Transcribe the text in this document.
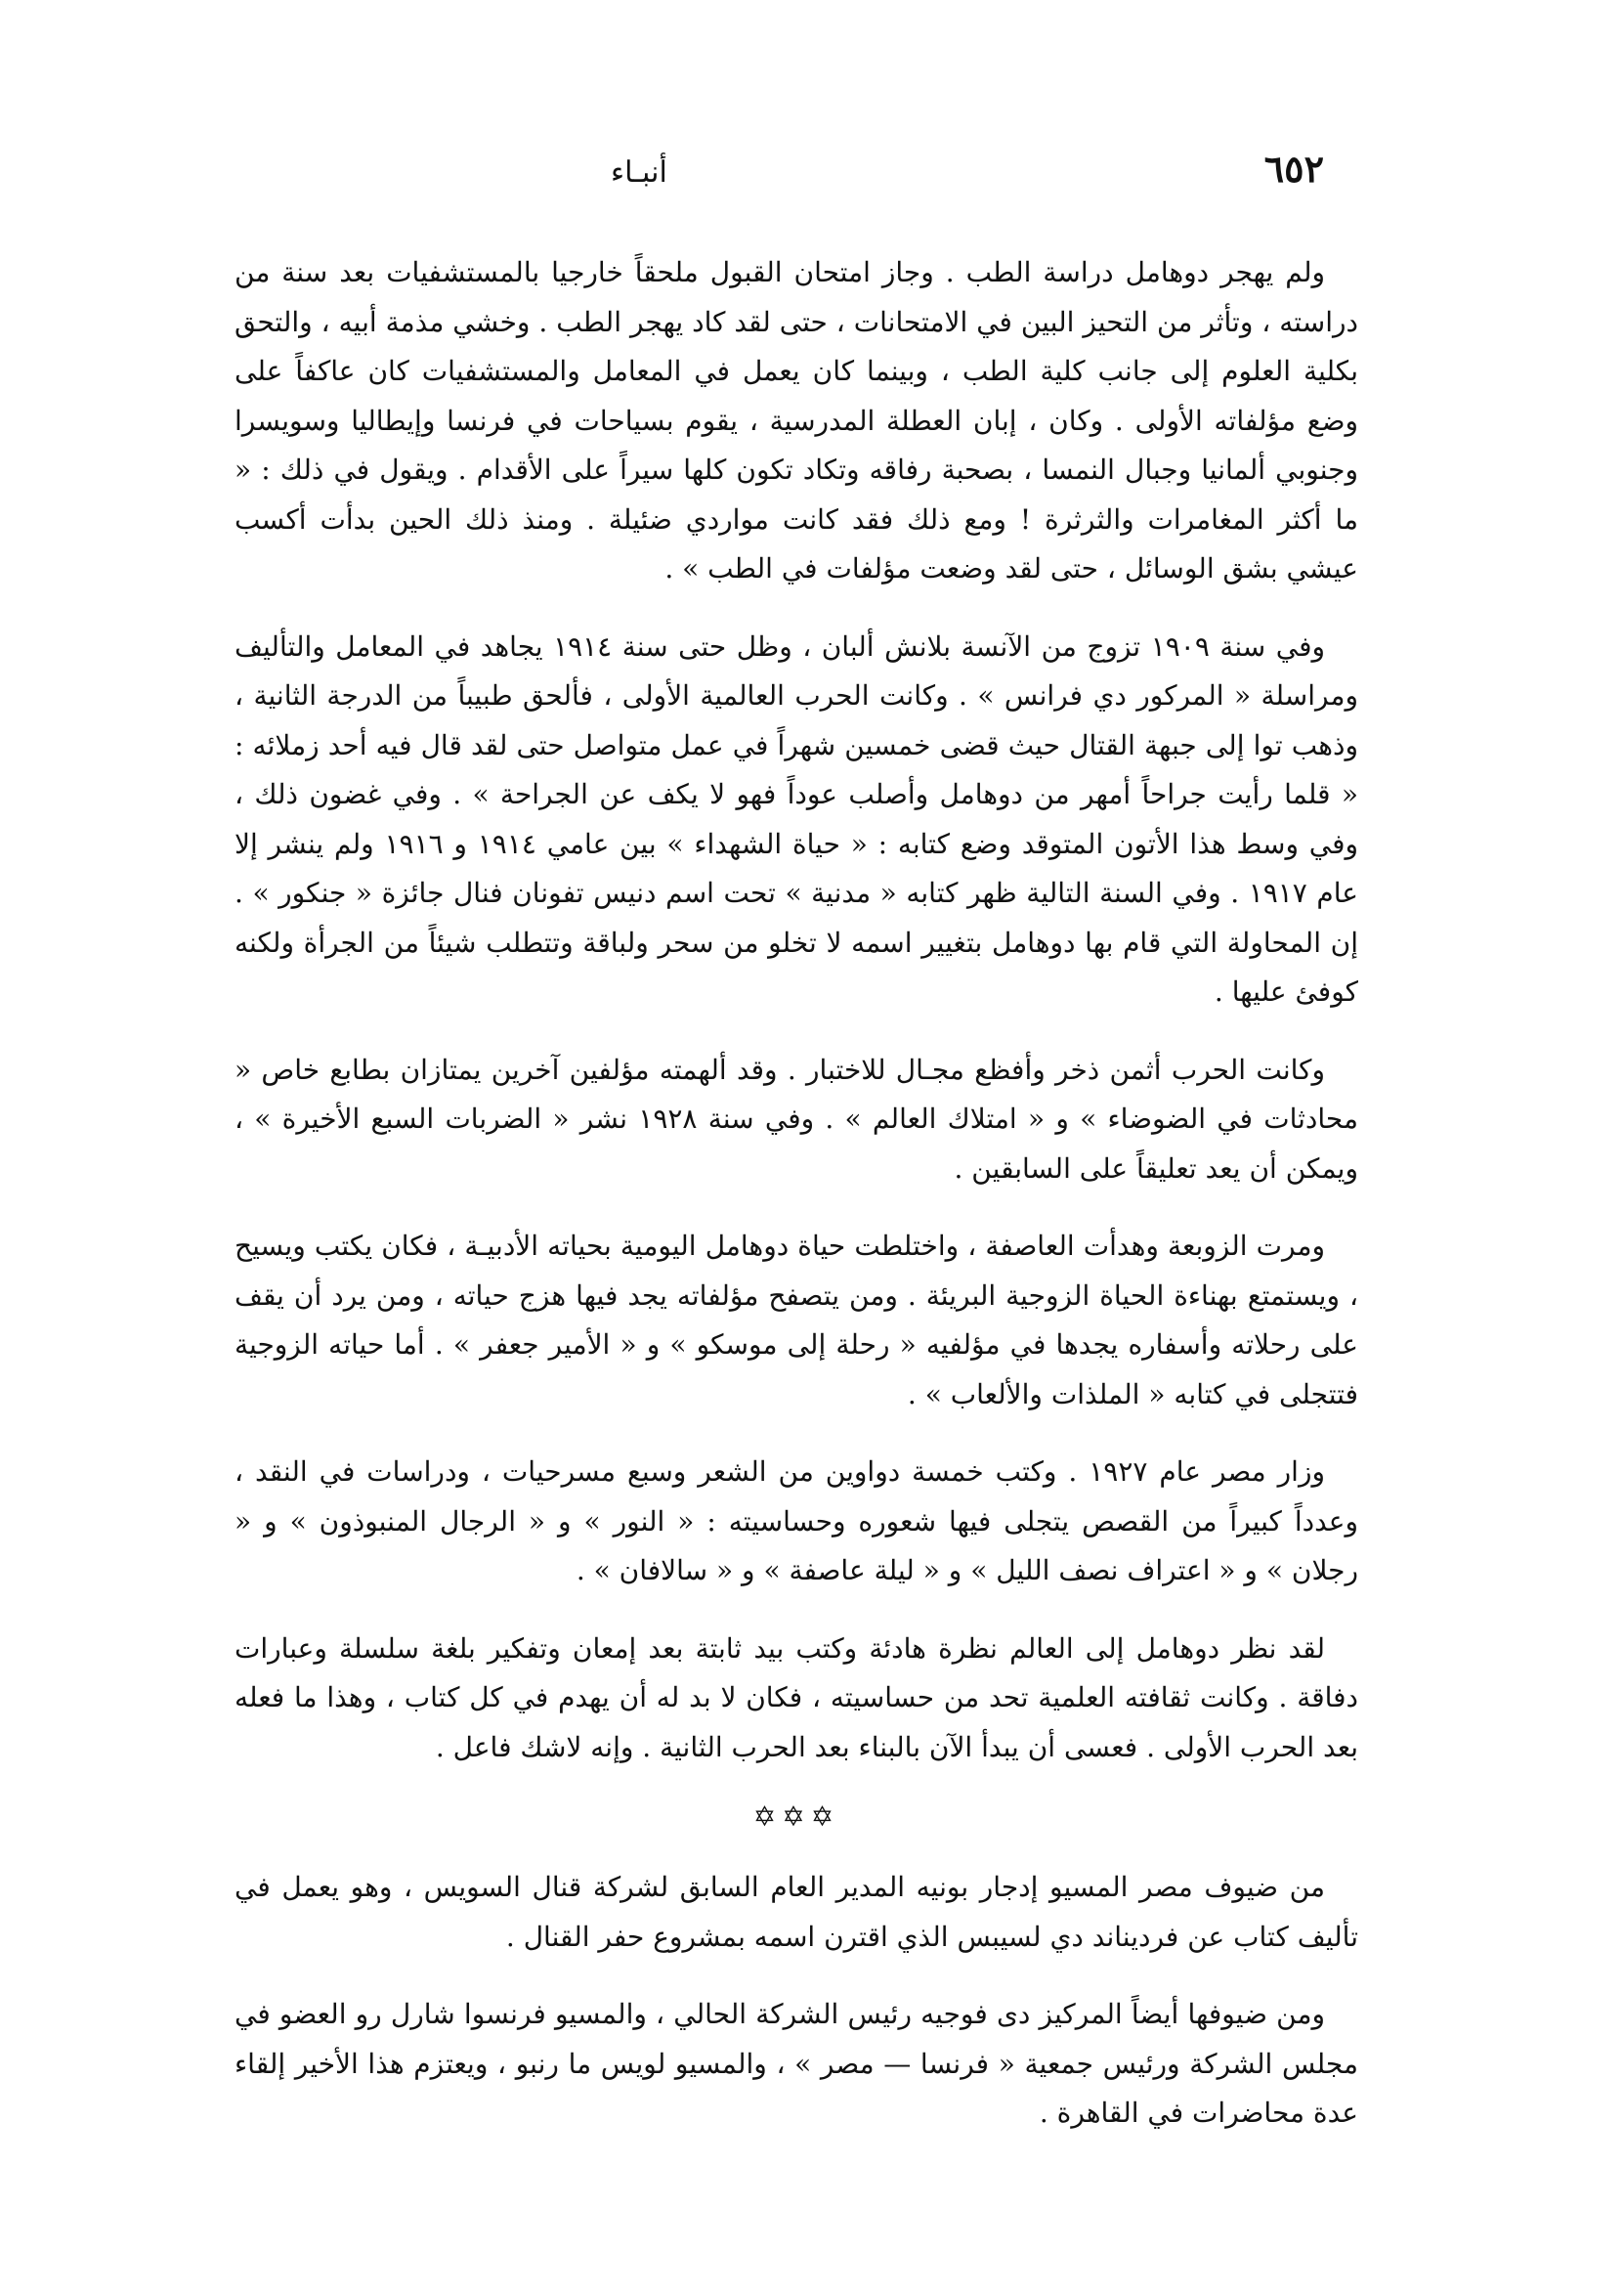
٦٥٢
أنبـاء

ولم يهجر دوهامل دراسة الطب . وجاز امتحان القبول ملحقاً خارجيا بالمستشفيات بعد سنة من دراسته ، وتأثر من التحيز البين في الامتحانات ، حتى لقد كاد يهجر الطب . وخشي مذمة أبيه ، والتحق بكلية العلوم إلى جانب كلية الطب ، وبينما كان يعمل في المعامل والمستشفيات كان عاكفاً على وضع مؤلفاته الأولى . وكان ، إبان العطلة المدرسية ، يقوم بسياحات في فرنسا وإيطاليا وسويسرا وجنوبي ألمانيا وجبال النمسا ، بصحبة رفاقه وتكاد تكون كلها سيراً على الأقدام . ويقول في ذلك : « ما أكثر المغامرات والثرثرة ! ومع ذلك فقد كانت مواردي ضئيلة . ومنذ ذلك الحين بدأت أكسب عيشي بشق الوسائل ، حتى لقد وضعت مؤلفات في الطب » .

وفي سنة ١٩٠٩ تزوج من الآنسة بلانش ألبان ، وظل حتى سنة ١٩١٤ يجاهد في المعامل والتأليف ومراسلة « المركور دي فرانس » . وكانت الحرب العالمية الأولى ، فألحق طبيباً من الدرجة الثانية ، وذهب توا إلى جبهة القتال حيث قضى خمسين شهراً في عمل متواصل حتى لقد قال فيه أحد زملائه : « قلما رأيت جراحاً أمهر من دوهامل وأصلب عوداً فهو لا يكف عن الجراحة » . وفي غضون ذلك ، وفي وسط هذا الأتون المتوقد وضع كتابه : « حياة الشهداء » بين عامي ١٩١٤ و ١٩١٦ ولم ينشر إلا عام ١٩١٧ . وفي السنة التالية ظهر كتابه « مدنية » تحت اسم دنيس تفونان فنال جائزة « جنكور » . إن المحاولة التي قام بها دوهامل بتغيير اسمه لا تخلو من سحر ولباقة وتتطلب شيئاً من الجرأة ولكنه كوفئ عليها .

وكانت الحرب أثمن ذخر وأفظع مجـال للاختبار . وقد ألهمته مؤلفين آخرين يمتازان بطابع خاص « محادثات في الضوضاء » و « امتلاك العالم » . وفي سنة ١٩٢٨ نشر « الضربات السبع الأخيرة » ، ويمكن أن يعد تعليقاً على السابقين .

ومرت الزوبعة وهدأت العاصفة ، واختلطت حياة دوهامل اليومية بحياته الأدبيـة ، فكان يكتب ويسيح ، ويستمتع بهناءة الحياة الزوجية البريئة . ومن يتصفح مؤلفاته يجد فيها هزج حياته ، ومن يرد أن يقف على رحلاته وأسفاره يجدها في مؤلفيه « رحلة إلى موسكو » و « الأمير جعفر » . أما حياته الزوجية فتتجلى في كتابه « الملذات والألعاب » .

وزار مصر عام ١٩٢٧ . وكتب خمسة دواوين من الشعر وسبع مسرحيات ، ودراسات في النقد ، وعدداً كبيراً من القصص يتجلى فيها شعوره وحساسيته : « النور » و « الرجال المنبوذون » و « رجلان » و « اعتراف نصف الليل » و « ليلة عاصفة » و « سالافان » .

لقد نظر دوهامل إلى العالم نظرة هادئة وكتب بيد ثابتة بعد إمعان وتفكير بلغة سلسلة وعبارات دفاقة . وكانت ثقافته العلمية تحد من حساسيته ، فكان لا بد له أن يهدم في كل كتاب ، وهذا ما فعله بعد الحرب الأولى . فعسى أن يبدأ الآن بالبناء بعد الحرب الثانية . وإنه لاشك فاعل .

✡✡✡

من ضيوف مصر المسيو إدجار بونيه المدير العام السابق لشركة قنال السويس ، وهو يعمل في تأليف كتاب عن فرديناند دي لسيبس الذي اقترن اسمه بمشروع حفر القنال .

ومن ضيوفها أيضاً المركيز دى فوجيه رئيس الشركة الحالي ، والمسيو فرنسوا شارل رو العضو في مجلس الشركة ورئيس جمعية « فرنسا — مصر » ، والمسيو لويس ما رنبو ، ويعتزم هذا الأخير إلقاء عدة محاضرات في القاهرة .
